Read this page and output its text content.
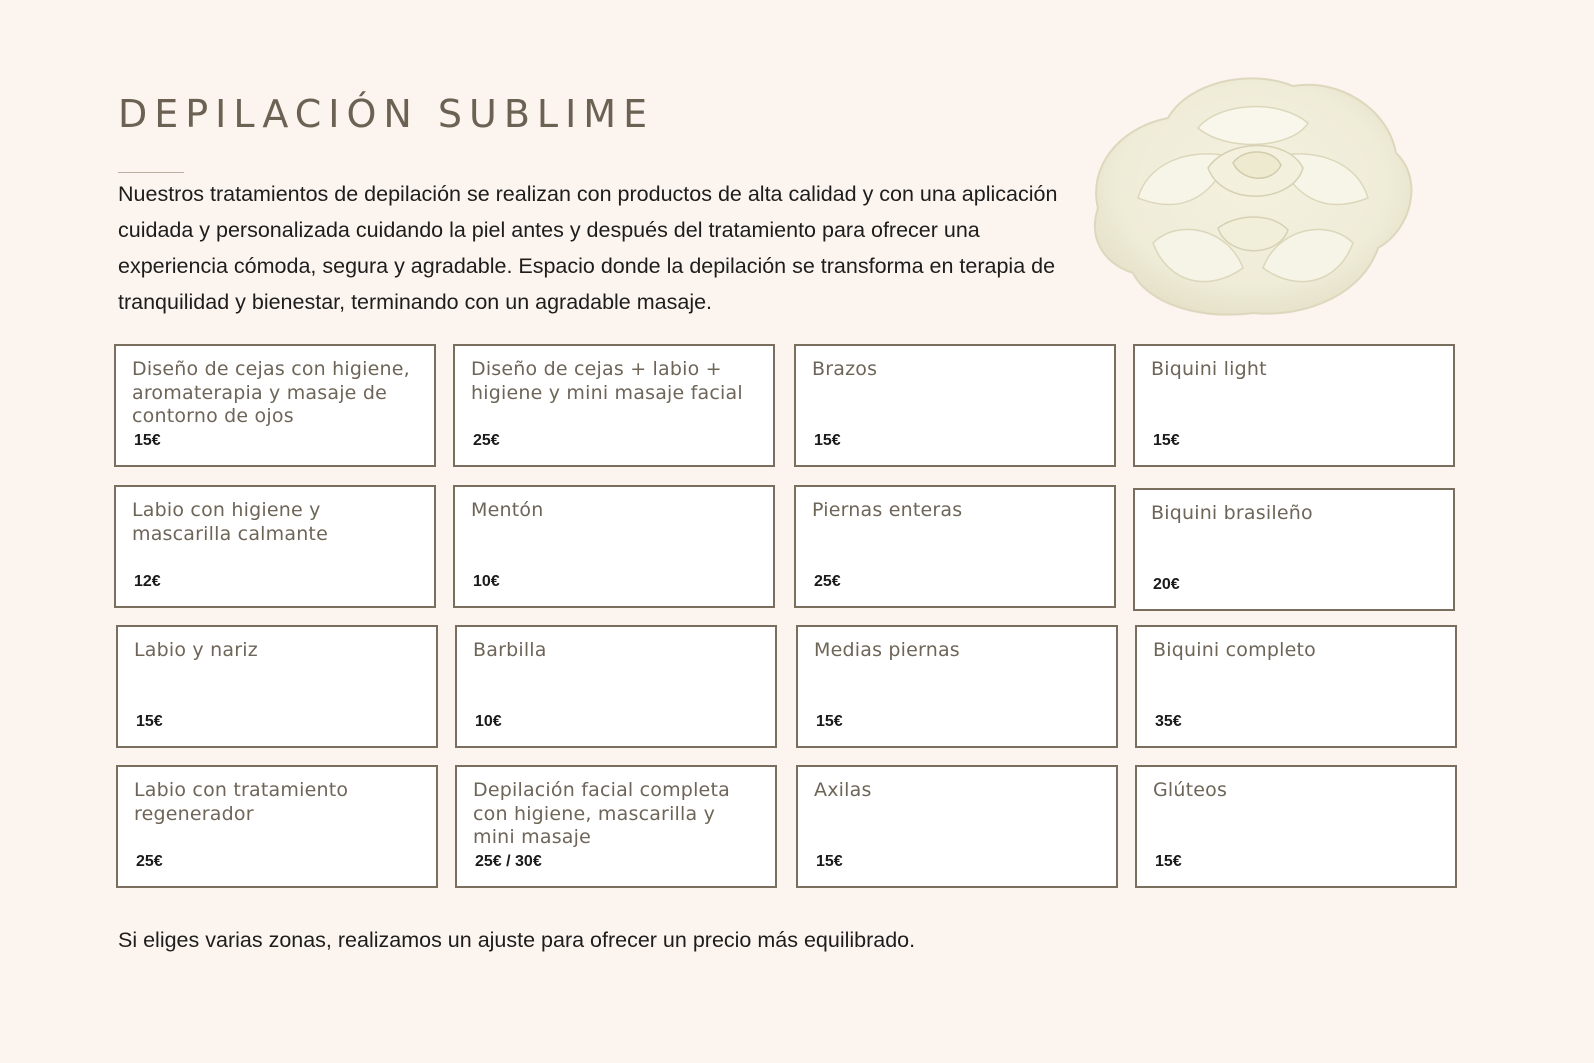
DEPILACIÓN SUBLIME

Nuestros tratamientos de depilación se realizan con productos de alta calidad y con una aplicación cuidada y personalizada cuidando la piel antes y después del tratamiento para ofrecer una experiencia cómoda, segura y agradable. Espacio donde la depilación se transforma en terapia de tranquilidad y bienestar, terminando con un agradable masaje.

Diseño de cejas con higiene, aromaterapia y masaje de contorno de ojos
15€
Diseño de cejas + labio + higiene y mini masaje facial
25€
Brazos
15€
Biquini light
15€
Labio con higiene y mascarilla calmante
12€
Mentón
10€
Piernas enteras
25€
Biquini brasileño
20€
Labio y nariz
15€
Barbilla
10€
Medias piernas
15€
Biquini completo
35€
Labio con tratamiento regenerador
25€
Depilación facial completa con higiene, mascarilla y mini masaje
25€ / 30€
Axilas
15€
Glúteos
15€

Si eliges varias zonas, realizamos un ajuste para ofrecer un precio más equilibrado.
